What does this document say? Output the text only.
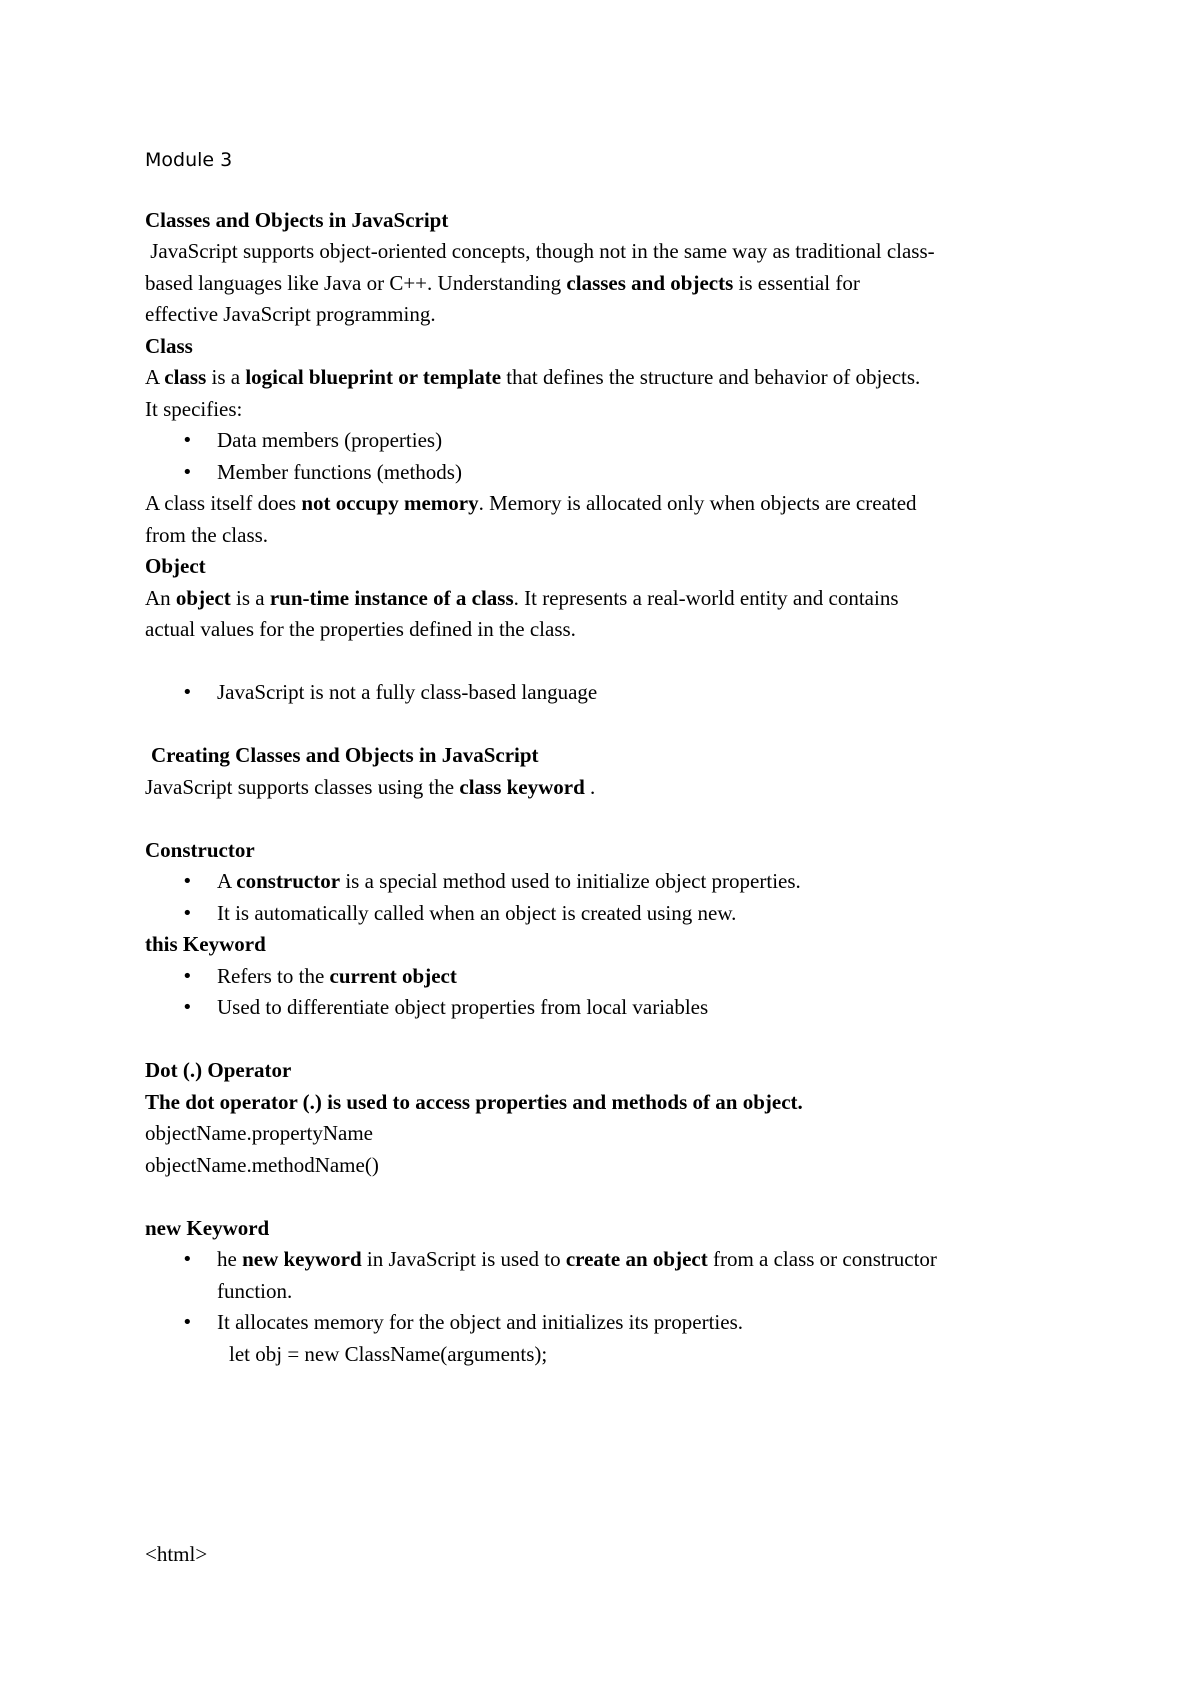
Module 3
Classes and Objects in JavaScript
JavaScript supports object-oriented concepts, though not in the same way as traditional class-
based languages like Java or C++. Understanding classes and objects is essential for
effective JavaScript programming.
Class
A class is a logical blueprint or template that defines the structure and behavior of objects.
It specifies:
• Data members (properties)
• Member functions (methods)
A class itself does not occupy memory. Memory is allocated only when objects are created
from the class.
Object
An object is a run-time instance of a class. It represents a real-world entity and contains
actual values for the properties defined in the class.
• JavaScript is not a fully class-based language
Creating Classes and Objects in JavaScript
JavaScript supports classes using the class keyword .
Constructor
• A constructor is a special method used to initialize object properties.
• It is automatically called when an object is created using new.
this Keyword
• Refers to the current object
• Used to differentiate object properties from local variables
Dot (.) Operator
The dot operator (.) is used to access properties and methods of an object.
objectName.propertyName
objectName.methodName()
new Keyword
• he new keyword in JavaScript is used to create an object from a class or constructor
function.
• It allocates memory for the object and initializes its properties.
let obj = new ClassName(arguments);
<html>
